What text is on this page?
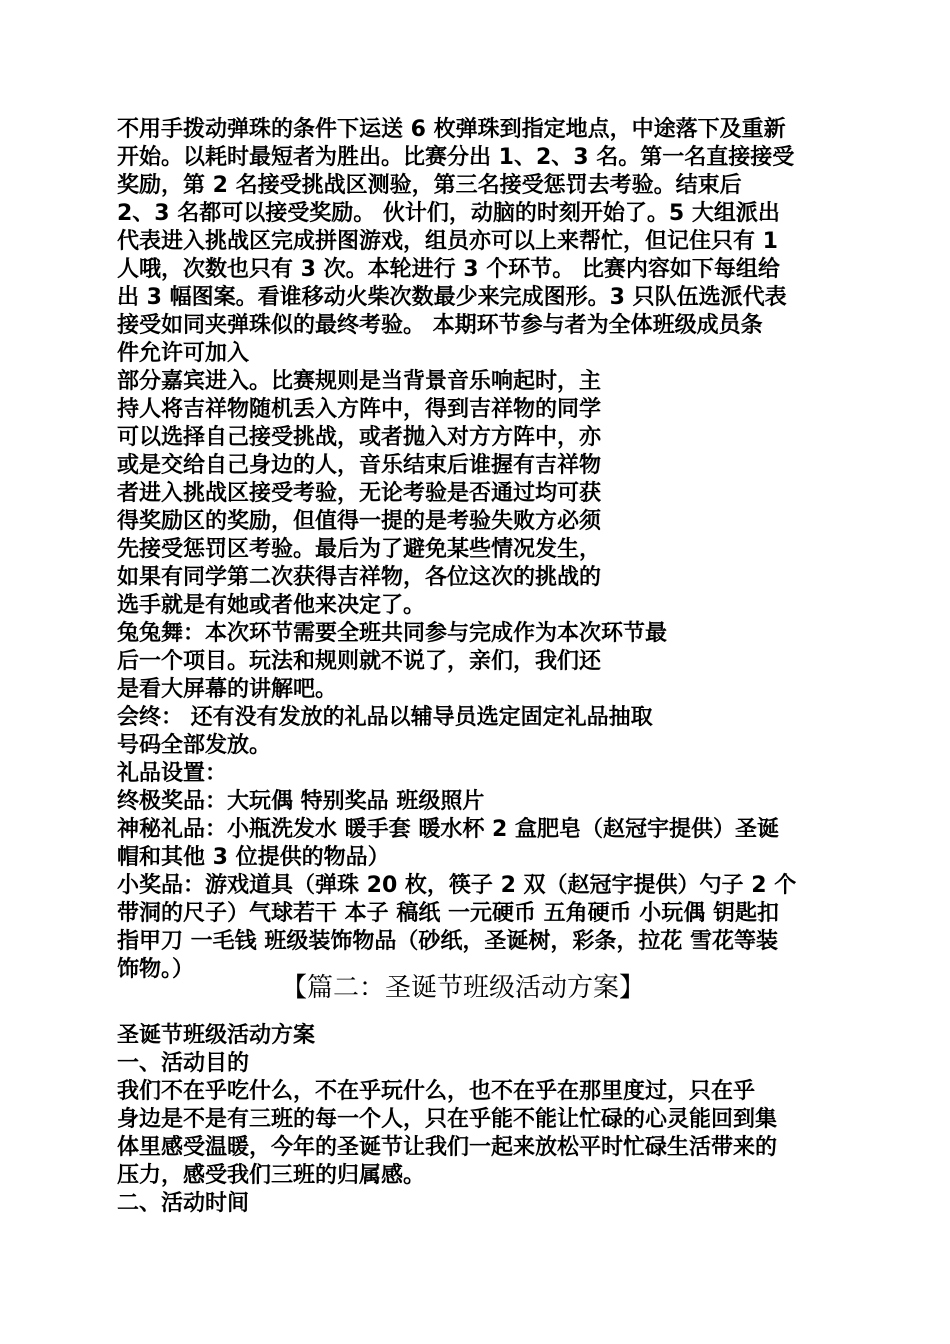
不用手拨动弹珠的条件下运送 6 枚弹珠到指定地点，中途落下及重新
开始。以耗时最短者为胜出。比赛分出 1、2、3 名。第一名直接接受
奖励，第 2 名接受挑战区测验，第三名接受惩罚去考验。结束后
2、3 名都可以接受奖励。 伙计们，动脑的时刻开始了。5 大组派出
代表进入挑战区完成拼图游戏，组员亦可以上来帮忙，但记住只有 1
人哦，次数也只有 3 次。本轮进行 3 个环节。 比赛内容如下每组给
出 3 幅图案。看谁移动火柴次数最少来完成图形。3 只队伍选派代表
接受如同夹弹珠似的最终考验。 本期环节参与者为全体班级成员条
件允许可加入
部分嘉宾进入。比赛规则是当背景音乐响起时，主
持人将吉祥物随机丢入方阵中，得到吉祥物的同学
可以选择自己接受挑战，或者抛入对方方阵中，亦
或是交给自己身边的人，音乐结束后谁握有吉祥物
者进入挑战区接受考验，无论考验是否通过均可获
得奖励区的奖励，但值得一提的是考验失败方必须
先接受惩罚区考验。最后为了避免某些情况发生，
如果有同学第二次获得吉祥物，各位这次的挑战的
选手就是有她或者他来决定了。
兔兔舞：本次环节需要全班共同参与完成作为本次环节最
后一个项目。玩法和规则就不说了，亲们，我们还
是看大屏幕的讲解吧。
会终： 还有没有发放的礼品以辅导员选定固定礼品抽取
号码全部发放。
礼品设置：
终极奖品：大玩偶 特别奖品 班级照片
神秘礼品：小瓶洗发水 暖手套 暖水杯 2 盒肥皂（赵冠宇提供）圣诞
帽和其他 3 位提供的物品）
小奖品：游戏道具（弹珠 20 枚，筷子 2 双（赵冠宇提供）勺子 2 个
带洞的尺子）气球若干 本子 稿纸 一元硬币 五角硬币 小玩偶 钥匙扣
指甲刀 一毛钱 班级装饰物品（砂纸，圣诞树，彩条，拉花 雪花等装
饰物。）
【篇二：圣诞节班级活动方案】
圣诞节班级活动方案
一、活动目的
我们不在乎吃什么，不在乎玩什么，也不在乎在那里度过，只在乎
身边是不是有三班的每一个人，只在乎能不能让忙碌的心灵能回到集
体里感受温暖，今年的圣诞节让我们一起来放松平时忙碌生活带来的
压力，感受我们三班的归属感。
二、活动时间
